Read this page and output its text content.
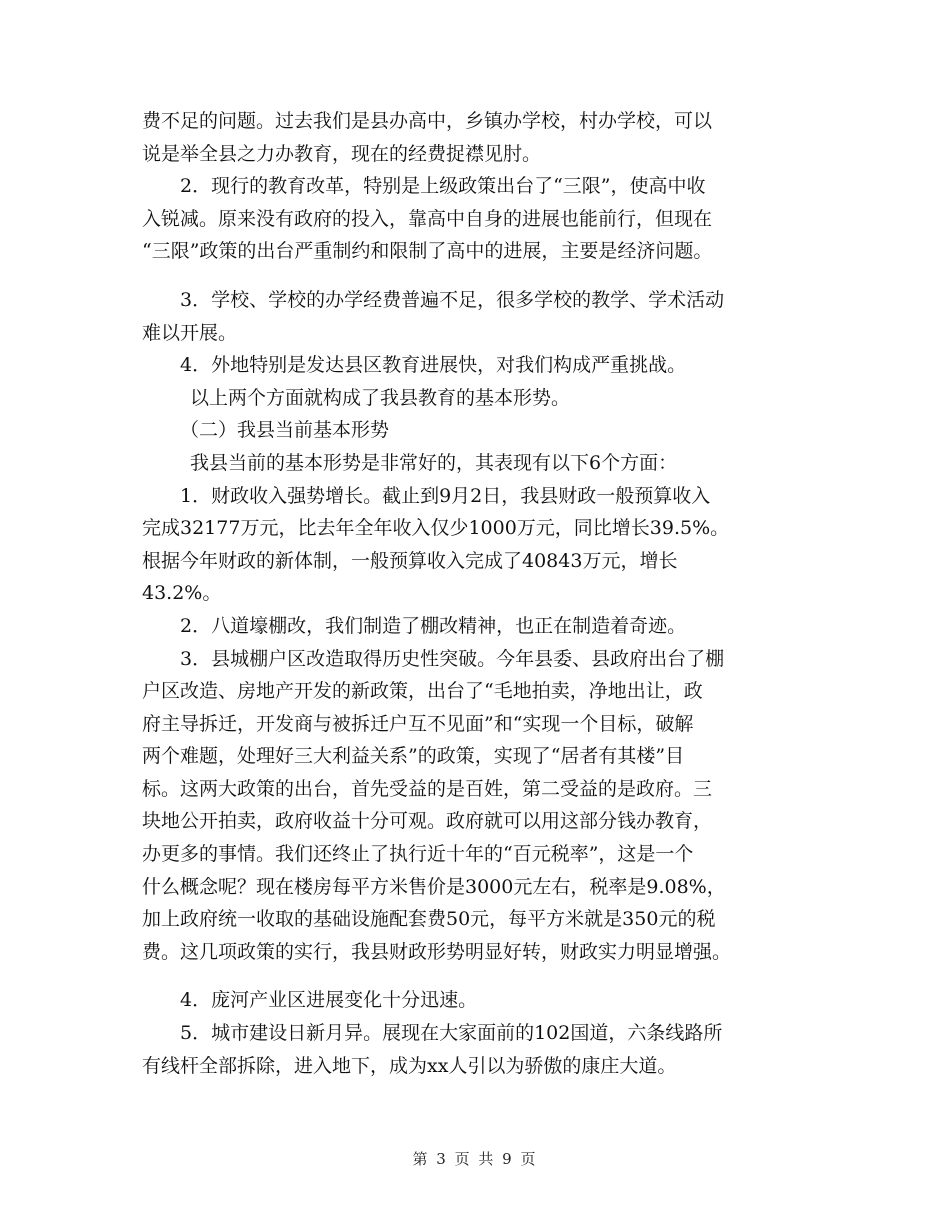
费不足的问题。过去我们是县办高中，乡镇办学校，村办学校，可以
说是举全县之力办教育，现在的经费捉襟见肘。
2．现行的教育改革，特别是上级政策出台了“三限”，使高中收
入锐减。原来没有政府的投入，靠高中自身的进展也能前行，但现在
“三限”政策的出台严重制约和限制了高中的进展，主要是经济问题。
3．学校、学校的办学经费普遍不足，很多学校的教学、学术活动
难以开展。
4．外地特别是发达县区教育进展快，对我们构成严重挑战。
以上两个方面就构成了我县教育的基本形势。
（二）我县当前基本形势
我县当前的基本形势是非常好的，其表现有以下6个方面：
1．财政收入强势增长。截止到9月2日，我县财政一般预算收入
完成32177万元，比去年全年收入仅少1000万元，同比增长39.5%。
根据今年财政的新体制，一般预算收入完成了40843万元，增长
43.2%。
2．八道壕棚改，我们制造了棚改精神，也正在制造着奇迹。
3．县城棚户区改造取得历史性突破。今年县委、县政府出台了棚
户区改造、房地产开发的新政策，出台了“毛地拍卖，净地出让，政
府主导拆迁，开发商与被拆迁户互不见面”和“实现一个目标，破解
两个难题，处理好三大利益关系”的政策，实现了“居者有其楼”目
标。这两大政策的出台，首先受益的是百姓，第二受益的是政府。三
块地公开拍卖，政府收益十分可观。政府就可以用这部分钱办教育，
办更多的事情。我们还终止了执行近十年的“百元税率”，这是一个
什么概念呢？现在楼房每平方米售价是3000元左右，税率是9.08%，
加上政府统一收取的基础设施配套费50元，每平方米就是350元的税
费。这几项政策的实行，我县财政形势明显好转，财政实力明显增强。
4．庞河产业区进展变化十分迅速。
5．城市建设日新月异。展现在大家面前的102国道，六条线路所
有线杆全部拆除，进入地下，成为xx人引以为骄傲的康庄大道。
第 3 页 共 9 页
